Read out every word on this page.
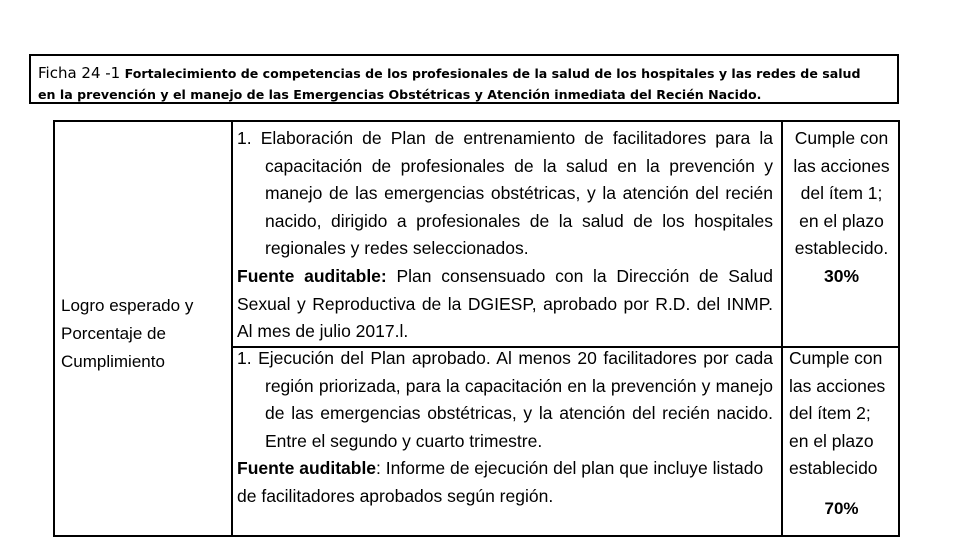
Ficha 24 -1 Fortalecimiento de competencias de los profesionales de la salud de los hospitales y las redes de salud
en la prevención y el manejo de las Emergencias Obstétricas y Atención inmediata del Recién Nacido.
Logro esperado y
Porcentaje de
Cumplimiento

1. Elaboración de Plan de entrenamiento de facilitadores para la capacitación de profesionales de la salud en la prevención y manejo de las emergencias obstétricas, y la atención del recién nacido, dirigido a profesionales de la salud de los hospitales regionales y redes seleccionados.

Fuente auditable: Plan consensuado con la Dirección de Salud Sexual y Reproductiva de la DGIESP, aprobado por R.D. del INMP. Al mes de julio 2017.l.

Cumple con
las acciones
del ítem 1;
en el plazo
establecido.
30%

1. Ejecución del Plan aprobado. Al menos 20 facilitadores por cada región priorizada, para la capacitación en la prevención y manejo de las emergencias obstétricas, y la atención del recién nacido. Entre el segundo y cuarto trimestre.

Fuente auditable: Informe de ejecución del plan que incluye listado de facilitadores aprobados según región.

Cumple con
las acciones
del ítem 2;
en el plazo
establecido
70%
